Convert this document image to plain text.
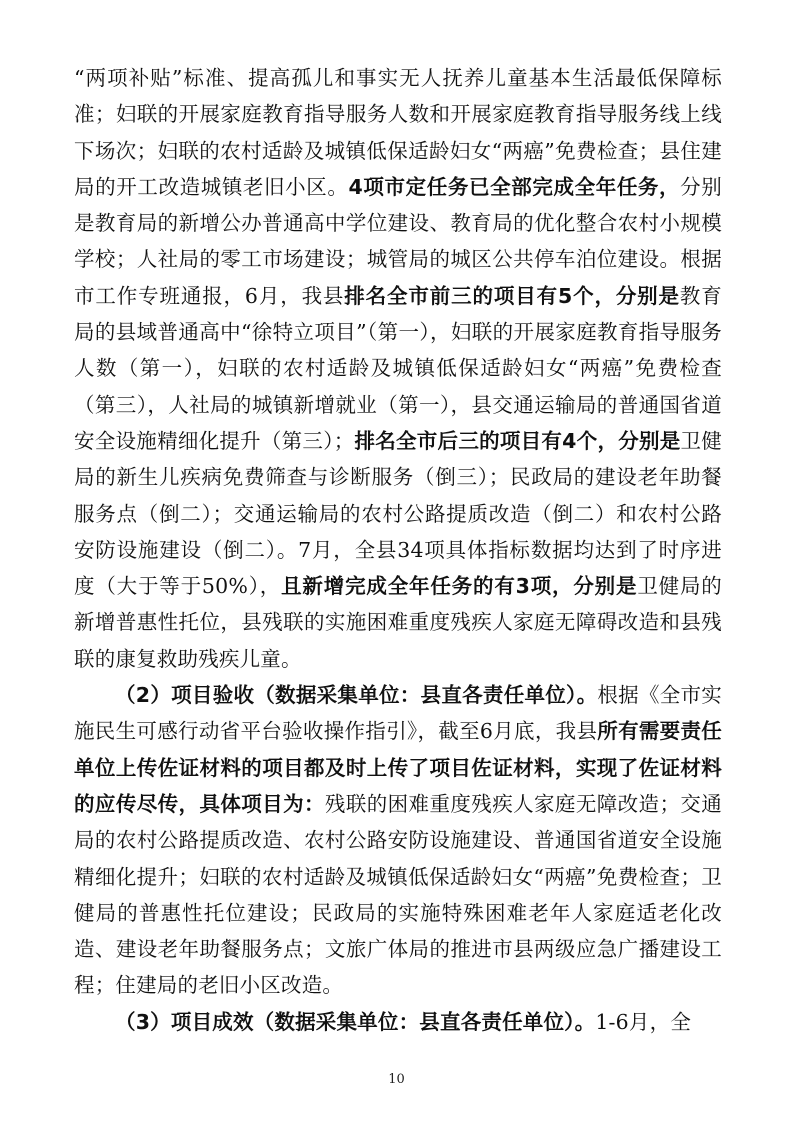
“两项补贴”标准、提高孤儿和事实无人抚养儿童基本生活最低保障标准；妇联的开展家庭教育指导服务人数和开展家庭教育指导服务线上线下场次；妇联的农村适龄及城镇低保适龄妇女“两癌”免费检查；县住建局的开工改造城镇老旧小区。4项市定任务已全部完成全年任务，分别是教育局的新增公办普通高中学位建设、教育局的优化整合农村小规模学校；人社局的零工市场建设；城管局的城区公共停车泊位建设。根据市工作专班通报，6月，我县排名全市前三的项目有5个，分别是教育局的县域普通高中“徐特立项目”（第一），妇联的开展家庭教育指导服务人数（第一），妇联的农村适龄及城镇低保适龄妇女“两癌”免费检查（第三），人社局的城镇新增就业（第一），县交通运输局的普通国省道安全设施精细化提升（第三）；排名全市后三的项目有4个，分别是卫健局的新生儿疾病免费筛查与诊断服务（倒三）；民政局的建设老年助餐服务点（倒二）；交通运输局的农村公路提质改造（倒二）和农村公路安防设施建设（倒二）。7月，全县34项具体指标数据均达到了时序进度（大于等于50%），且新增完成全年任务的有3项，分别是卫健局的新增普惠性托位，县残联的实施困难重度残疾人家庭无障碍改造和县残联的康复救助残疾儿童。

（2）项目验收（数据采集单位：县直各责任单位）。根据《全市实施民生可感行动省平台验收操作指引》，截至6月底，我县所有需要责任单位上传佐证材料的项目都及时上传了项目佐证材料，实现了佐证材料的应传尽传，具体项目为：残联的困难重度残疾人家庭无障改造；交通局的农村公路提质改造、农村公路安防设施建设、普通国省道安全设施精细化提升；妇联的农村适龄及城镇低保适龄妇女“两癌”免费检查；卫健局的普惠性托位建设；民政局的实施特殊困难老年人家庭适老化改造、建设老年助餐服务点；文旅广体局的推进市县两级应急广播建设工程；住建局的老旧小区改造。

（3）项目成效（数据采集单位：县直各责任单位）。1-6月，全

10
